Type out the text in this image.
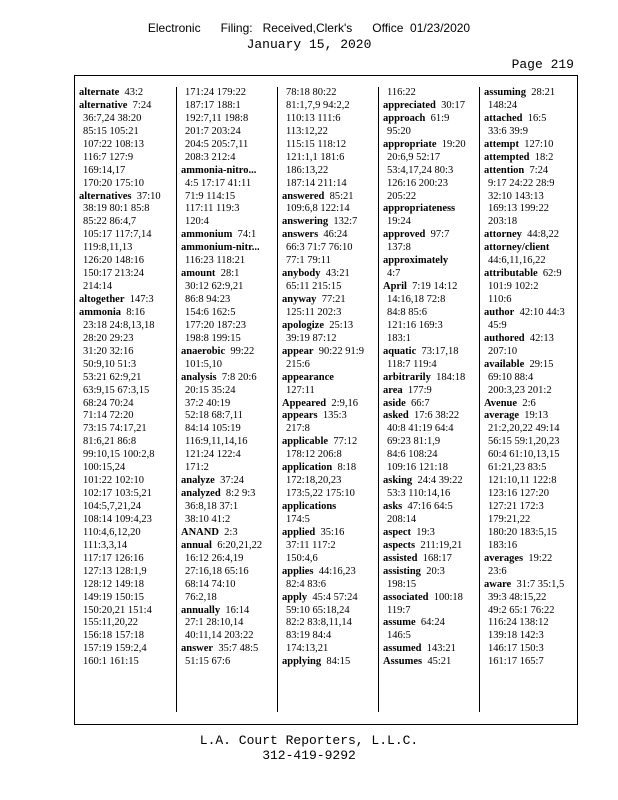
Electronic      Filing:   Received,Clerk's      Office  01/23/2020
January 15, 2020
Page 219
alternate 43:2
alternative 7:24
36:7,24 38:20
85:15 105:21
107:22 108:13
116:7 127:9
169:14,17
170:20 175:10
alternatives 37:10
38:19 80:1 85:8
85:22 86:4,7
105:17 117:7,14
119:8,11,13
126:20 148:16
150:17 213:24
214:14
altogether 147:3
ammonia 8:16
23:18 24:8,13,18
28:20 29:23
31:20 32:16
50:9,10 51:3
53:21 62:9,21
63:9,15 67:3,15
68:24 70:24
71:14 72:20
73:15 74:17,21
81:6,21 86:8
99:10,15 100:2,8
100:15,24
101:22 102:10
102:17 103:5,21
104:5,7,21,24
108:14 109:4,23
110:4,6,12,20
111:3,3,14
117:17 126:16
127:13 128:1,9
128:12 149:18
149:19 150:15
150:20,21 151:4
155:11,20,22
156:18 157:18
157:19 159:2,4
160:1 161:15
171:24 179:22
187:17 188:1
192:7,11 198:8
201:7 203:24
204:5 205:7,11
208:3 212:4
ammonia-nitro...
4:5 17:17 41:11
71:9 114:15
117:11 119:3
120:4
ammonium 74:1
ammonium-nitr...
116:23 118:21
amount 28:1
30:12 62:9,21
86:8 94:23
154:6 162:5
177:20 187:23
198:8 199:15
anaerobic 99:22
101:5,10
analysis 7:8 20:6
20:15 35:24
37:2 40:19
52:18 68:7,11
84:14 105:19
116:9,11,14,16
121:24 122:4
171:2
analyze 37:24
analyzed 8:2 9:3
36:8,18 37:1
38:10 41:2
ANAND 2:3
annual 6:20,21,22
16:12 26:4,19
27:16,18 65:16
68:14 74:10
76:2,18
annually 16:14
27:1 28:10,14
40:11,14 203:22
answer 35:7 48:5
51:15 67:6
78:18 80:22
81:1,7,9 94:2,2
110:13 111:6
113:12,22
115:15 118:12
121:1,1 181:6
186:13,22
187:14 211:14
answered 85:21
109:6,8 122:14
answering 132:7
answers 46:24
66:3 71:7 76:10
77:1 79:11
anybody 43:21
65:11 215:15
anyway 77:21
125:11 202:3
apologize 25:13
39:19 87:12
appear 90:22 91:9
215:6
appearance
127:11
Appeared 2:9,16
appears 135:3
217:8
applicable 77:12
178:12 206:8
application 8:18
172:18,20,23
173:5,22 175:10
applications
174:5
applied 35:16
37:11 117:2
150:4,6
applies 44:16,23
82:4 83:6
apply 45:4 57:24
59:10 65:18,24
82:2 83:8,11,14
83:19 84:4
174:13,21
applying 84:15
116:22
appreciated 30:17
approach 61:9
95:20
appropriate 19:20
20:6,9 52:17
53:4,17,24 80:3
126:16 200:23
205:22
appropriateness
19:24
approved 97:7
137:8
approximately
4:7
April 7:19 14:12
14:16,18 72:8
84:8 85:6
121:16 169:3
183:1
aquatic 73:17,18
118:7 119:4
arbitrarily 184:18
area 177:9
aside 66:7
asked 17:6 38:22
40:8 41:19 64:4
69:23 81:1,9
84:6 108:24
109:16 121:18
asking 24:4 39:22
53:3 110:14,16
asks 47:16 64:5
208:14
aspect 19:3
aspects 211:19,21
assisted 168:17
assisting 20:3
198:15
associated 100:18
119:7
assume 64:24
146:5
assumed 143:21
Assumes 45:21
assuming 28:21
148:24
attached 16:5
33:6 39:9
attempt 127:10
attempted 18:2
attention 7:24
9:17 24:22 28:9
32:10 143:13
169:13 199:22
203:18
attorney 44:8,22
attorney/client
44:6,11,16,22
attributable 62:9
101:9 102:2
110:6
author 42:10 44:3
45:9
authored 42:13
207:10
available 29:15
69:10 88:4
200:3,23 201:2
Avenue 2:6
average 19:13
21:2,20,22 49:14
56:15 59:1,20,23
60:4 61:10,13,15
61:21,23 83:5
121:10,11 122:8
123:16 127:20
127:21 172:3
179:21,22
180:20 183:5,15
183:16
averages 19:22
23:6
aware 31:7 35:1,5
39:3 48:15,22
49:2 65:1 76:22
116:24 138:12
139:18 142:3
146:17 150:3
161:17 165:7
L.A. Court Reporters, L.L.C.
312-419-9292
